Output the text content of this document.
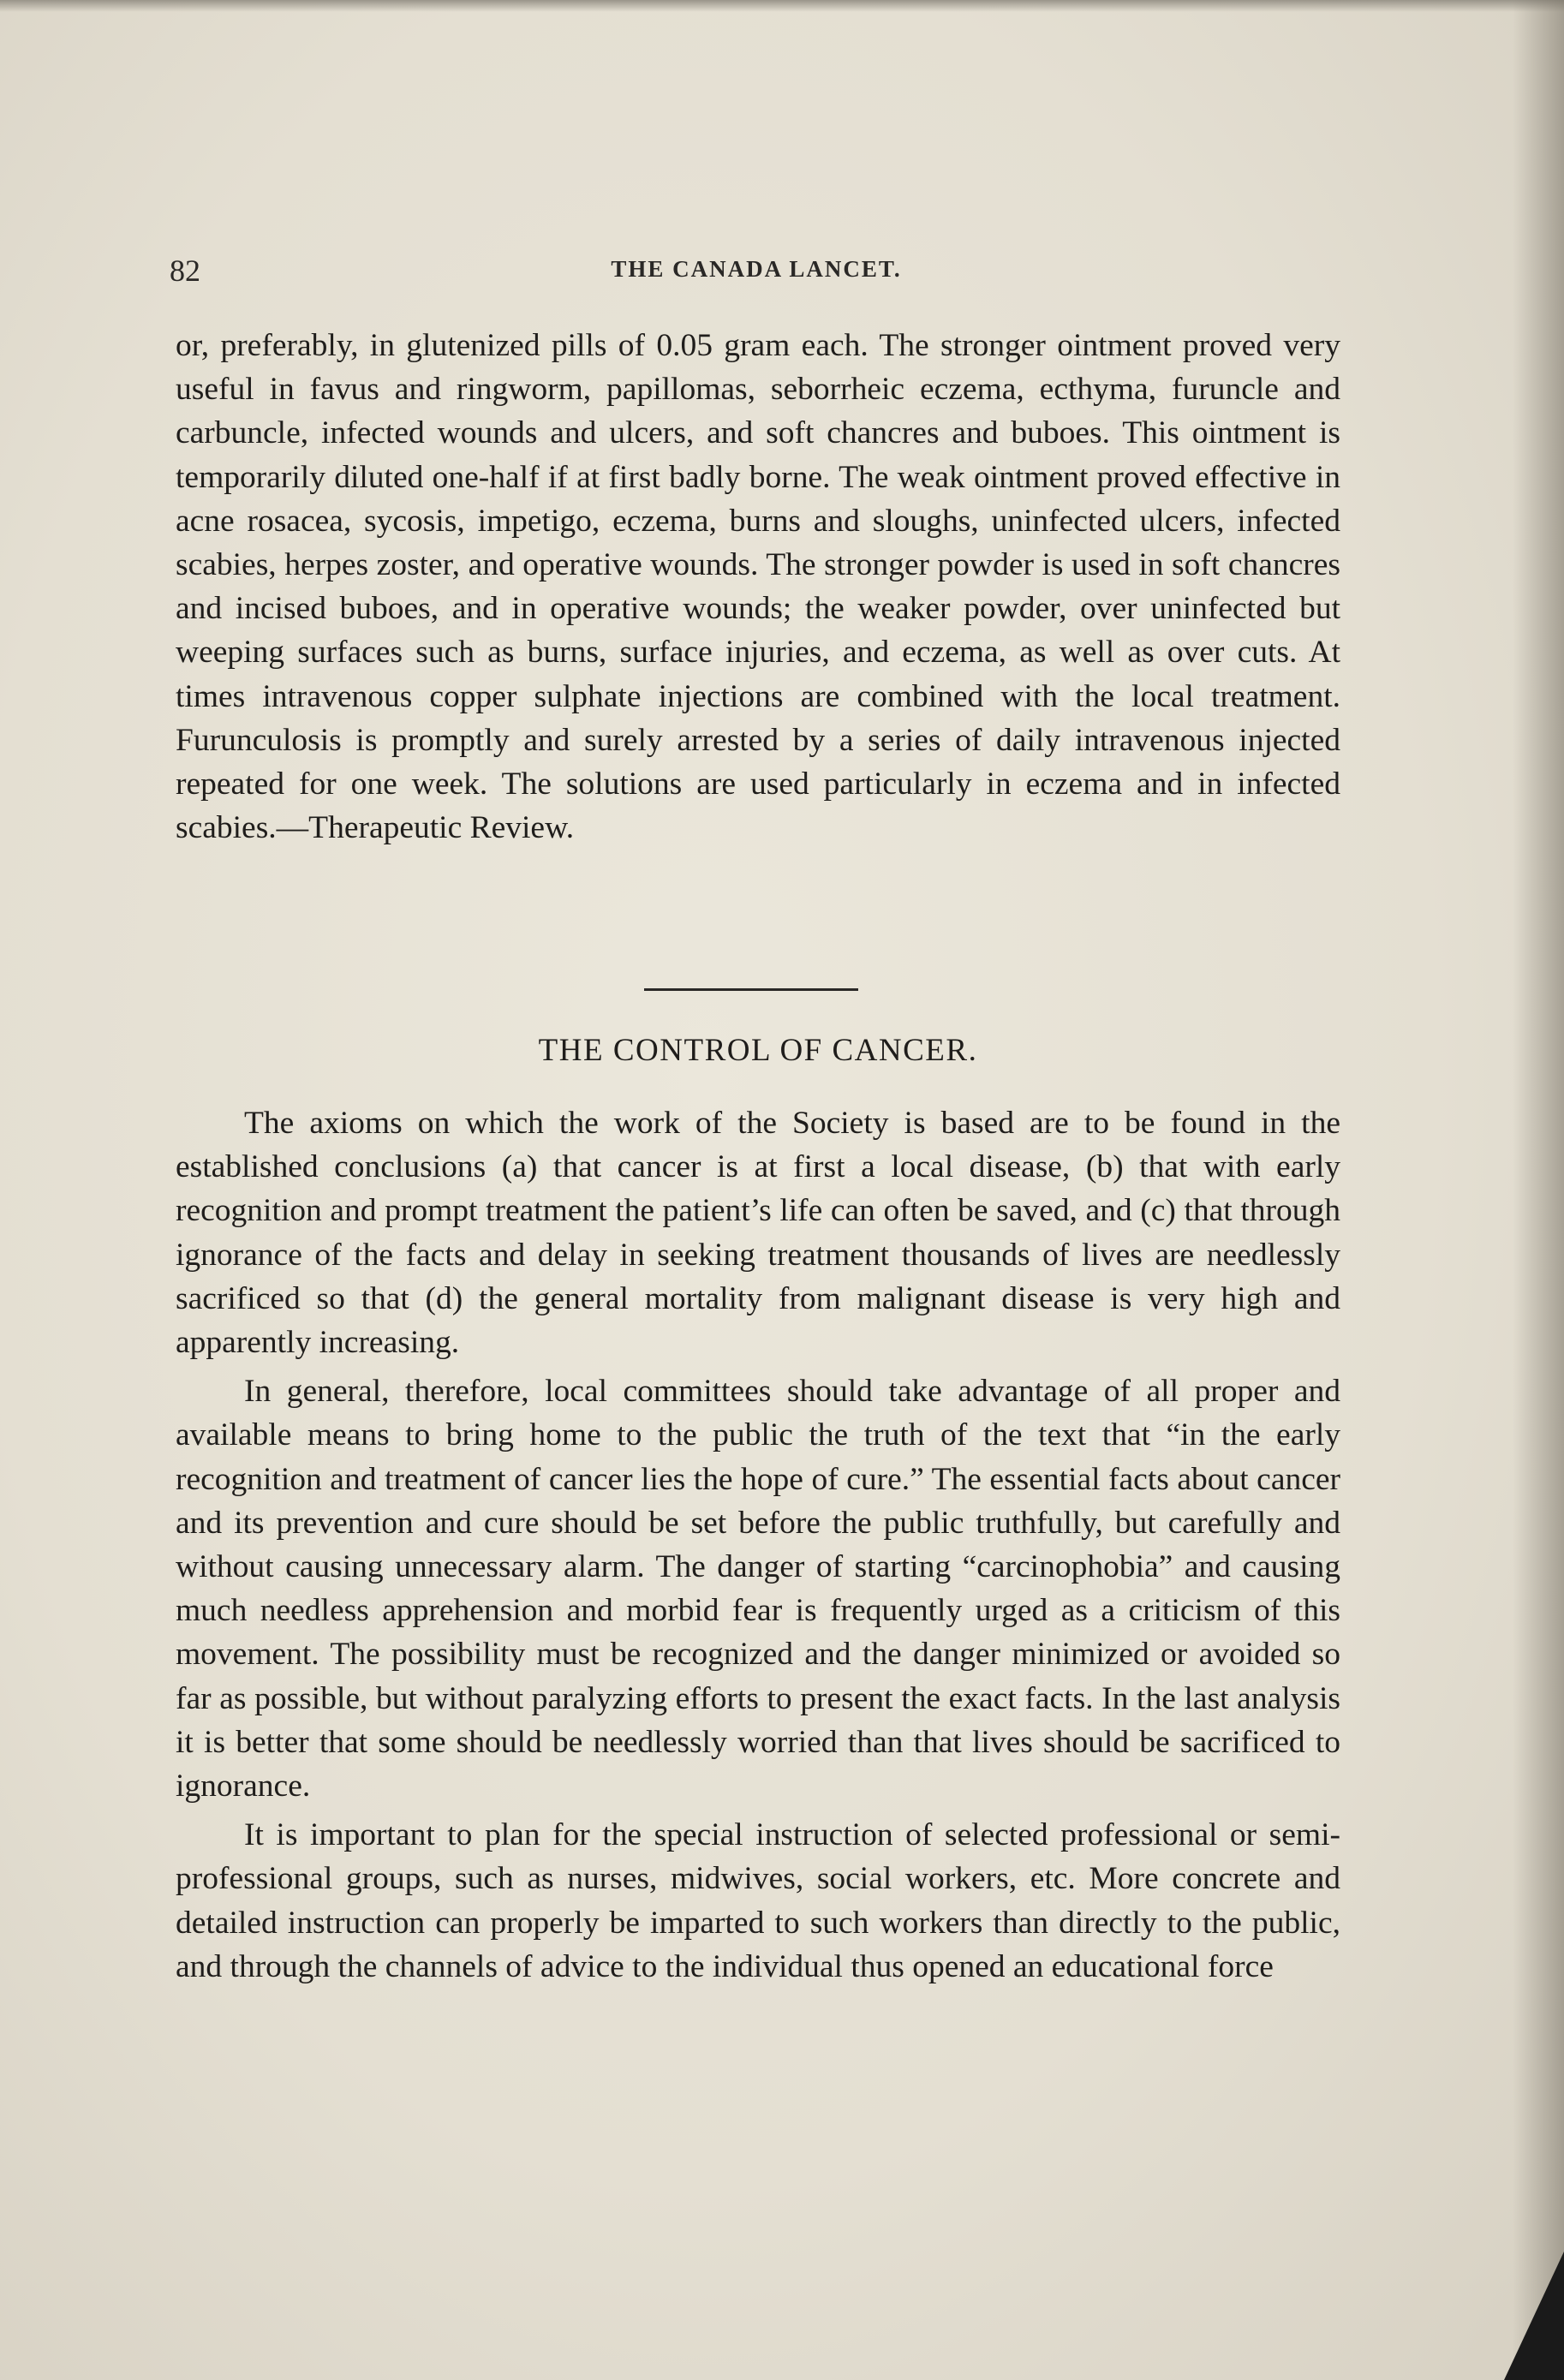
82	THE CANADA LANCET.

or, preferably, in glutenized pills of 0.05 gram each. The stronger ointment proved very useful in favus and ringworm, papillomas, seborrheic eczema, ecthyma, furuncle and carbuncle, infected wounds and ulcers, and soft chancres and buboes. This ointment is temporarily diluted one-half if at first badly borne. The weak ointment proved effective in acne rosacea, sycosis, impetigo, eczema, burns and sloughs, uninfected ulcers, infected scabies, herpes zoster, and operative wounds. The stronger powder is used in soft chancres and incised buboes, and in operative wounds; the weaker powder, over uninfected but weeping surfaces such as burns, surface injuries, and eczema, as well as over cuts. At times intravenous copper sulphate injections are combined with the local treatment. Furunculosis is promptly and surely arrested by a series of daily intravenous injected repeated for one week. The solutions are used particularly in eczema and in infected scabies.—Therapeutic Review.

THE CONTROL OF CANCER.

The axioms on which the work of the Society is based are to be found in the established conclusions (a) that cancer is at first a local disease, (b) that with early recognition and prompt treatment the patient’s life can often be saved, and (c) that through ignorance of the facts and delay in seeking treatment thousands of lives are needlessly sacrificed so that (d) the general mortality from malignant disease is very high and apparently increasing.

In general, therefore, local committees should take advantage of all proper and available means to bring home to the public the truth of the text that “in the early recognition and treatment of cancer lies the hope of cure.” The essential facts about cancer and its prevention and cure should be set before the public truthfully, but carefully and without causing unnecessary alarm. The danger of starting “carcinophobia” and causing much needless apprehension and morbid fear is frequently urged as a criticism of this movement. The possibility must be recognized and the danger minimized or avoided so far as possible, but without paralyzing efforts to present the exact facts. In the last analysis it is better that some should be needlessly worried than that lives should be sacrificed to ignorance.

It is important to plan for the special instruction of selected professional or semi-professional groups, such as nurses, midwives, social workers, etc. More concrete and detailed instruction can properly be imparted to such workers than directly to the public, and through the channels of advice to the individual thus opened an educational force
